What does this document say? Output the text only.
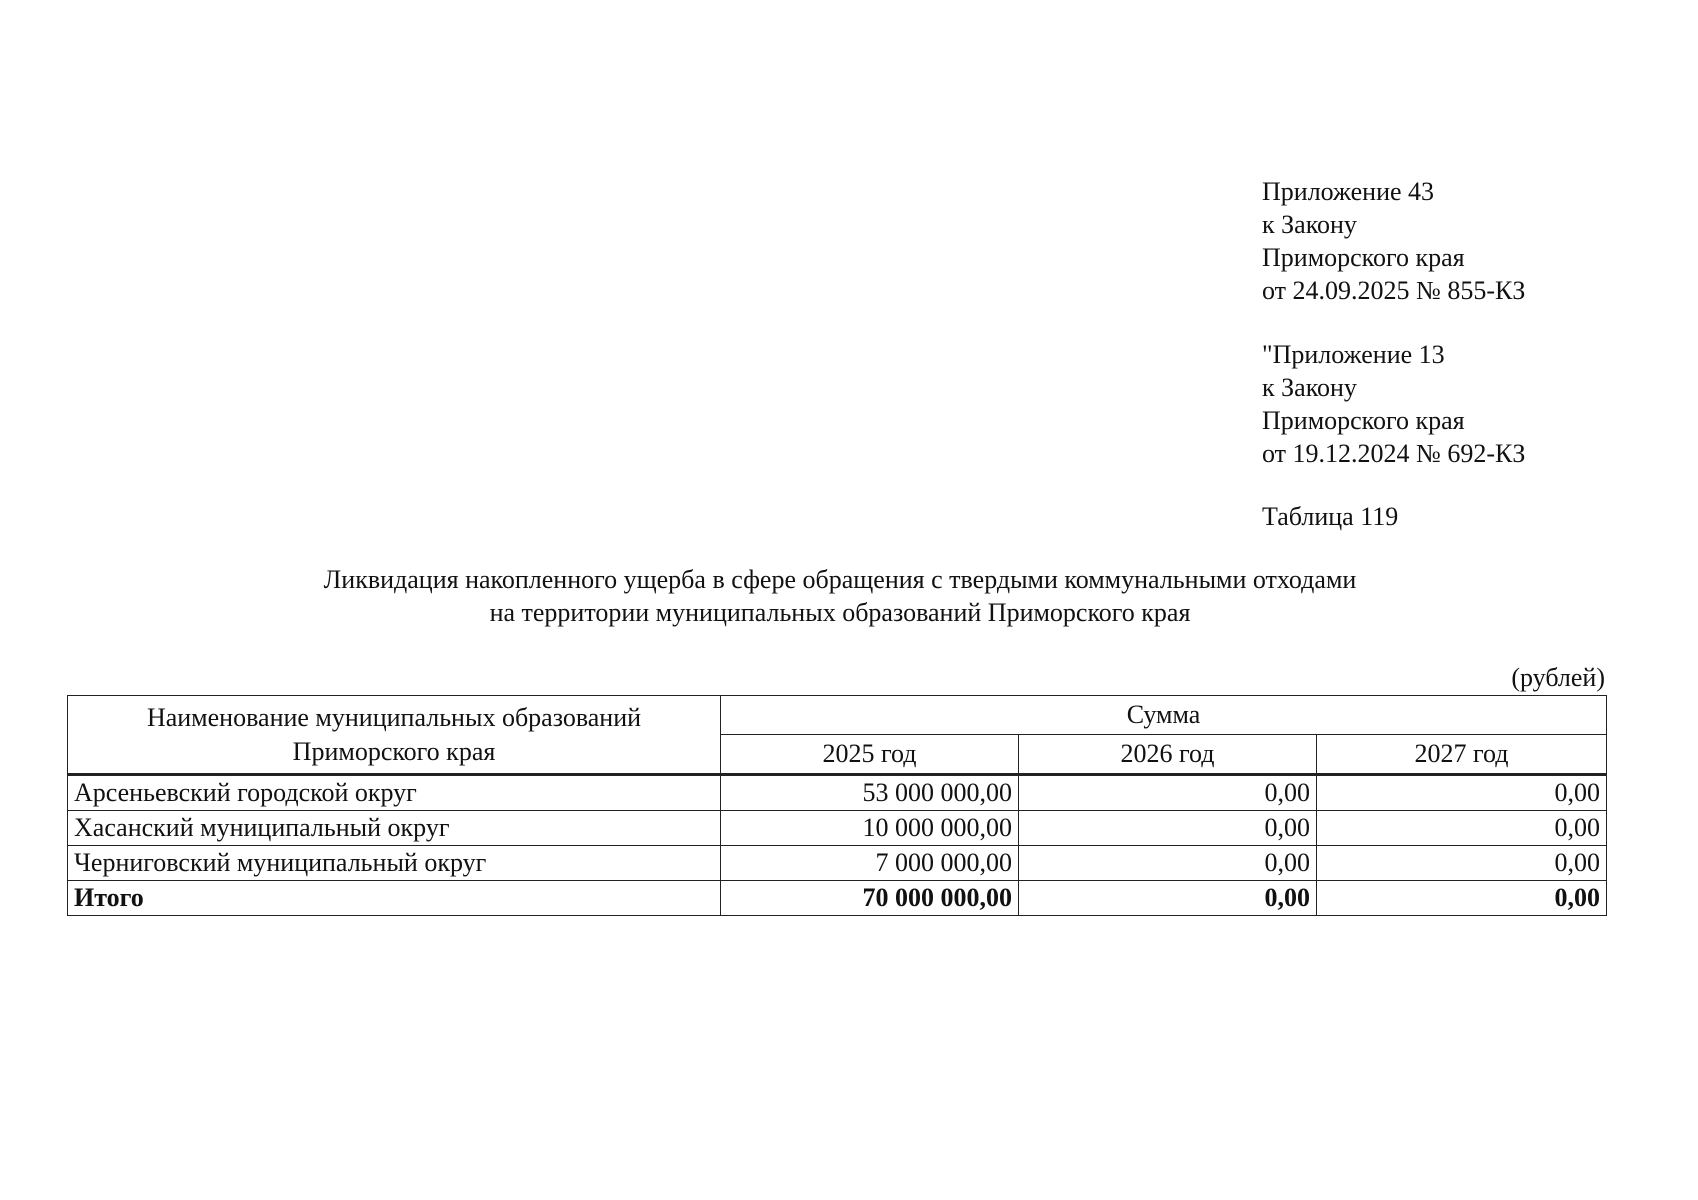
Приложение 43
к Закону
Приморского края
от 24.09.2025 № 855-КЗ
"Приложение 13
к Закону
Приморского края
от 19.12.2024 № 692-КЗ
Таблица 119
Ликвидация накопленного ущерба в сфере обращения с твердыми коммунальными отходами
на территории муниципальных образований Приморского края
(рублей)
Наименование муниципальных образований Приморского края	Сумма		
	2025 год	2026 год	2027 год
Арсеньевский городской округ	53 000 000,00	0,00	0,00
Хасанский муниципальный округ	10 000 000,00	0,00	0,00
Черниговский муниципальный округ	7 000 000,00	0,00	0,00
Итого	70 000 000,00	0,00	0,00
